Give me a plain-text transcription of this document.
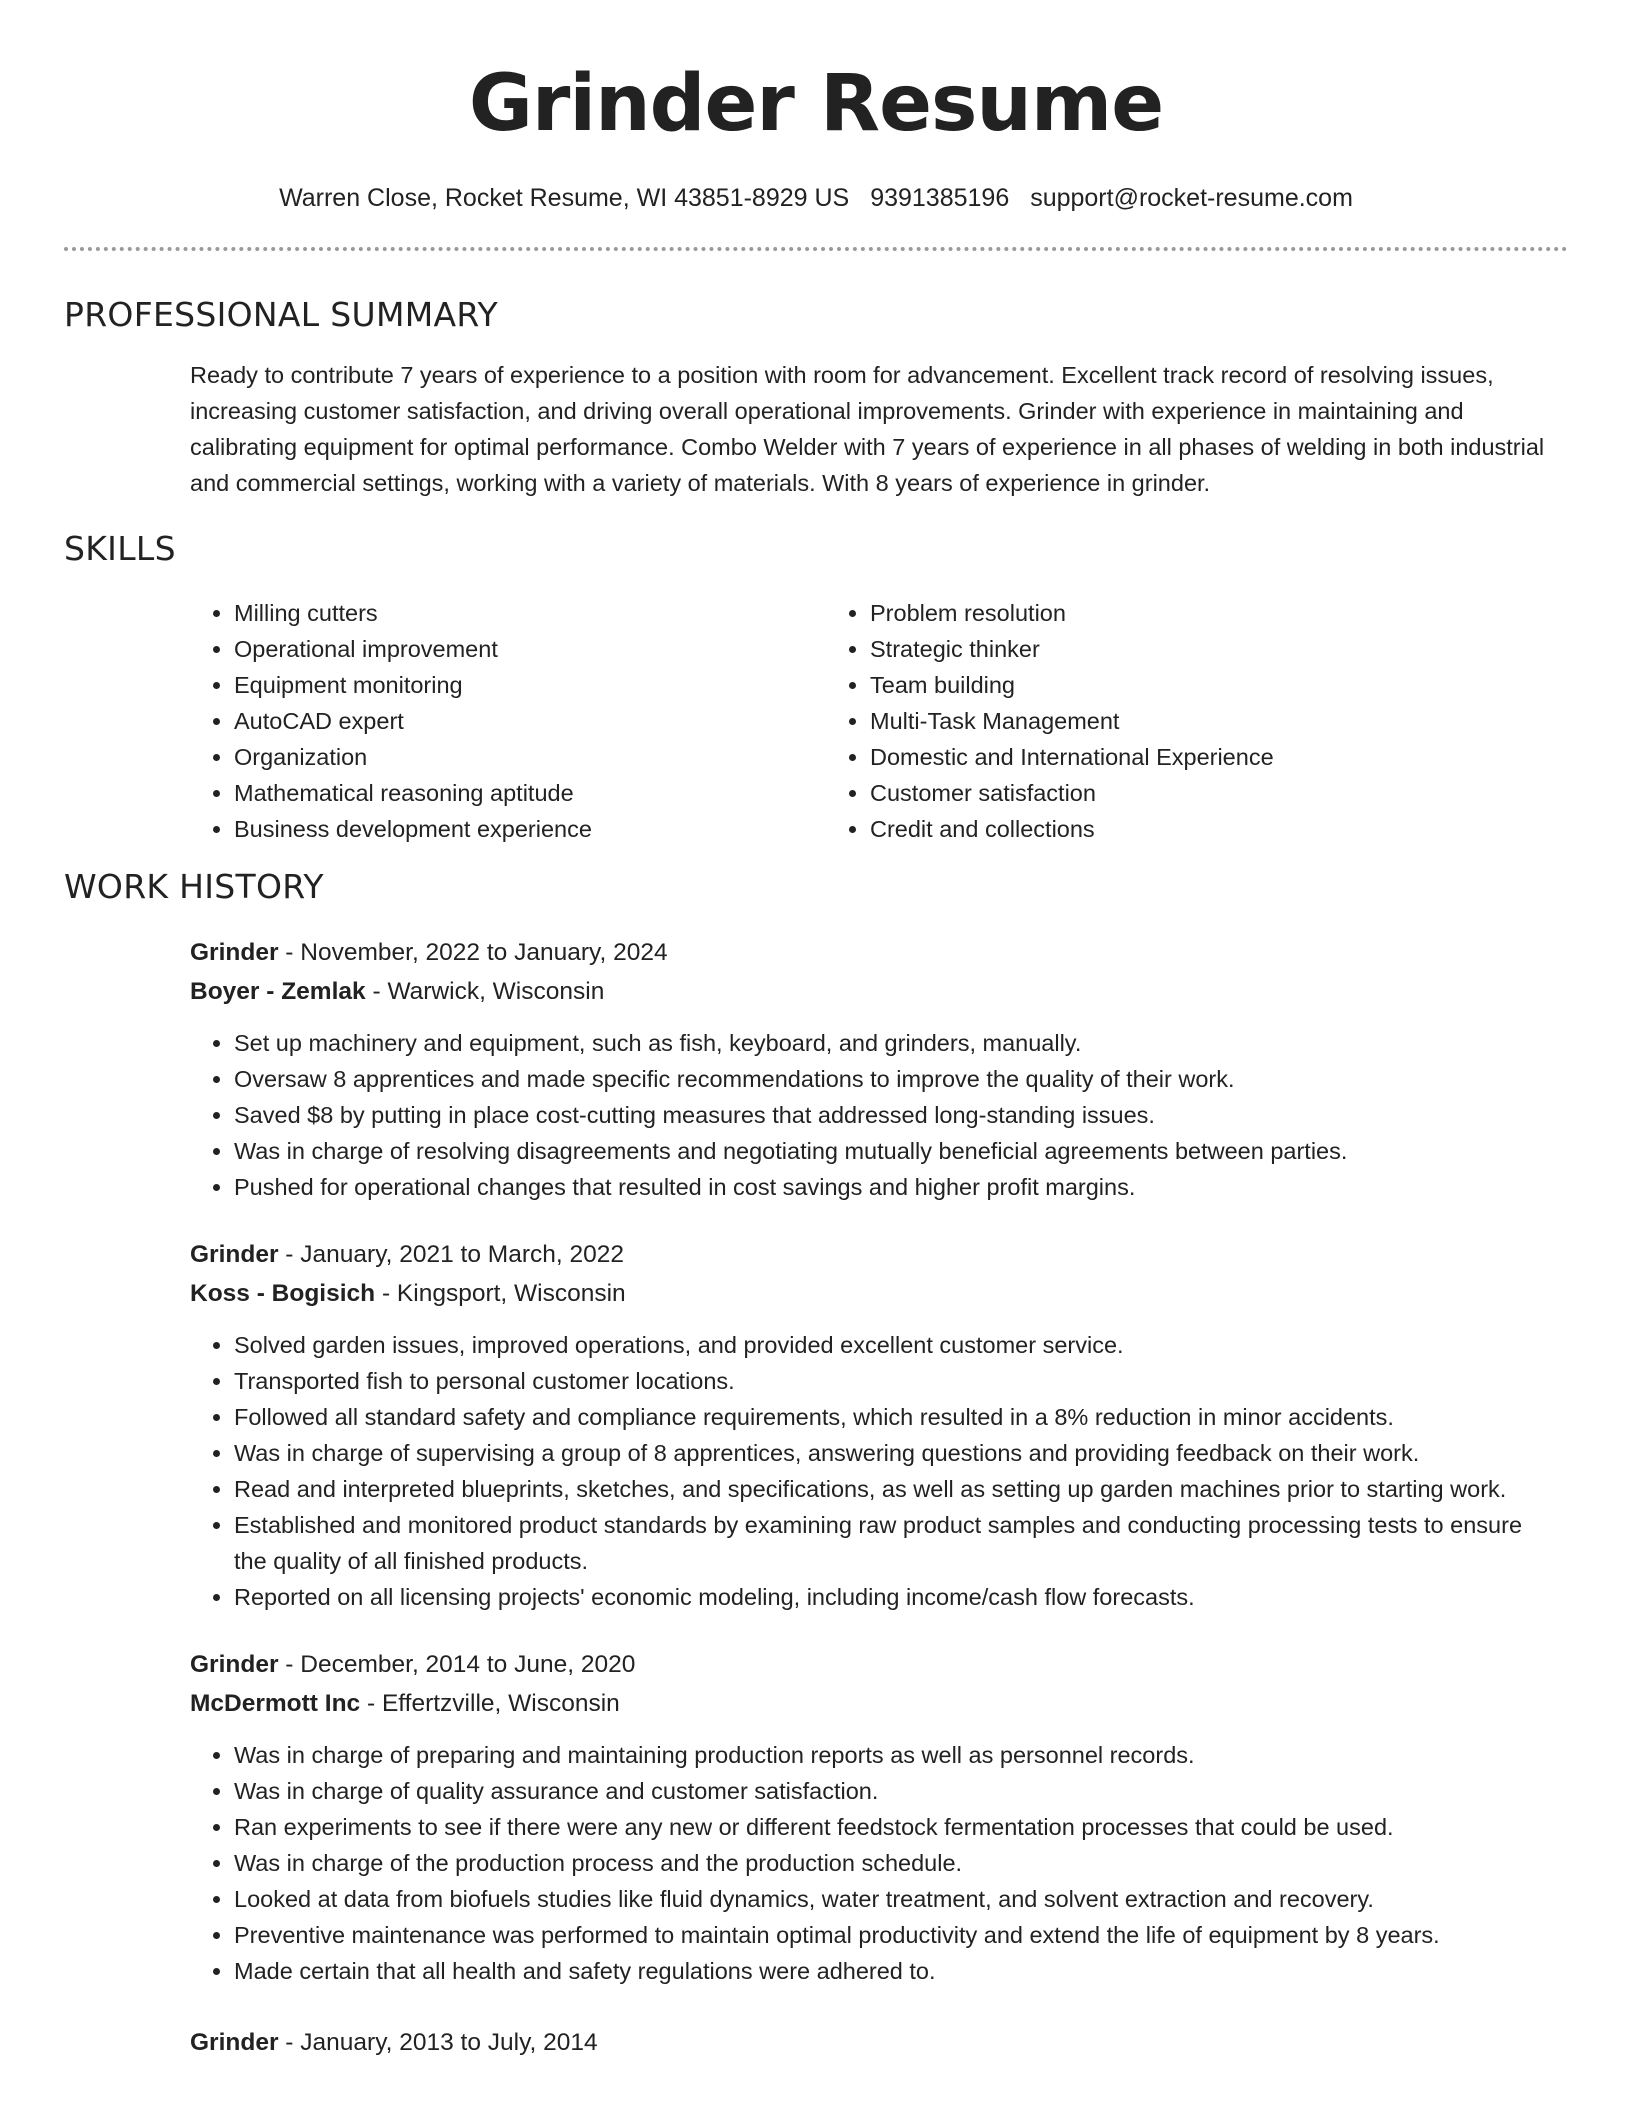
Grinder Resume
Warren Close, Rocket Resume, WI 43851-8929 US 9391385196 support@rocket-resume.com
PROFESSIONAL SUMMARY
Ready to contribute 7 years of experience to a position with room for advancement. Excellent track record of resolving issues, increasing customer satisfaction, and driving overall operational improvements. Grinder with experience in maintaining and calibrating equipment for optimal performance. Combo Welder with 7 years of experience in all phases of welding in both industrial and commercial settings, working with a variety of materials. With 8 years of experience in grinder.
SKILLS
• Milling cutters
• Operational improvement
• Equipment monitoring
• AutoCAD expert
• Organization
• Mathematical reasoning aptitude
• Business development experience
• Problem resolution
• Strategic thinker
• Team building
• Multi-Task Management
• Domestic and International Experience
• Customer satisfaction
• Credit and collections
WORK HISTORY
Grinder - November, 2022 to January, 2024
Boyer - Zemlak - Warwick, Wisconsin
• Set up machinery and equipment, such as fish, keyboard, and grinders, manually.
• Oversaw 8 apprentices and made specific recommendations to improve the quality of their work.
• Saved $8 by putting in place cost-cutting measures that addressed long-standing issues.
• Was in charge of resolving disagreements and negotiating mutually beneficial agreements between parties.
• Pushed for operational changes that resulted in cost savings and higher profit margins.
Grinder - January, 2021 to March, 2022
Koss - Bogisich - Kingsport, Wisconsin
• Solved garden issues, improved operations, and provided excellent customer service.
• Transported fish to personal customer locations.
• Followed all standard safety and compliance requirements, which resulted in a 8% reduction in minor accidents.
• Was in charge of supervising a group of 8 apprentices, answering questions and providing feedback on their work.
• Read and interpreted blueprints, sketches, and specifications, as well as setting up garden machines prior to starting work.
• Established and monitored product standards by examining raw product samples and conducting processing tests to ensure the quality of all finished products.
• Reported on all licensing projects' economic modeling, including income/cash flow forecasts.
Grinder - December, 2014 to June, 2020
McDermott Inc - Effertzville, Wisconsin
• Was in charge of preparing and maintaining production reports as well as personnel records.
• Was in charge of quality assurance and customer satisfaction.
• Ran experiments to see if there were any new or different feedstock fermentation processes that could be used.
• Was in charge of the production process and the production schedule.
• Looked at data from biofuels studies like fluid dynamics, water treatment, and solvent extraction and recovery.
• Preventive maintenance was performed to maintain optimal productivity and extend the life of equipment by 8 years.
• Made certain that all health and safety regulations were adhered to.
Grinder - January, 2013 to July, 2014
